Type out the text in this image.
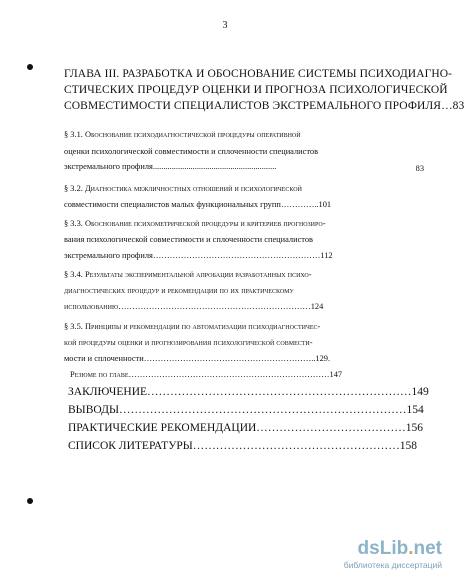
3
ГЛАВА III. РАЗРАБОТКА И ОБОСНОВАНИЕ СИСТЕМЫ ПСИХОДИАГНО-
СТИЧЕСКИХ ПРОЦЕДУР ОЦЕНКИ И ПРОГНОЗА ПСИХОЛОГИЧЕСКОЙ
СОВМЕСТИМОСТИ СПЕЦИАЛИСТОВ ЭКСТРЕМАЛЬНОГО ПРОФИЛЯ…83
§ 3.1. Обоснование психодиагностической процедуры оперативной
оценки психологической совместимости и сплоченности специалистов
экстремального профиля...........................................................	83
§ 3.2. Диагностика межличностных отношений и психологической
совместимости специалистов малых функциональных групп…………..101
§ 3.3. Обоснование психометрической процедуры и критериев прогнозиро-
вания психологической совместимости и сплоченности специалистов
экстремального профиля……………………………………………………112
§ 3.4. Результаты экспериментальной апробации разработанных психо-
диагностических процедур и рекомендации по их практическому
использованию……………………………………………………………124
§ 3.5. Принципы и рекомендации по автоматизации психодиагностичес-
кой процедуры оценки и прогнозирования психологической совмести-
мости и сплоченности……………………………………………………..129.
Резюме по главе………………………………………………………………147
ЗАКЛЮЧЕНИЕ……………………………………………………………149
ВЫВОДЫ…………………………………………………………………154
ПРАКТИЧЕСКИЕ РЕКОМЕНДАЦИИ…………………………………156
СПИСОК ЛИТЕРАТУРЫ………………………………………………158
dsLib.net
библиотека диссертаций
